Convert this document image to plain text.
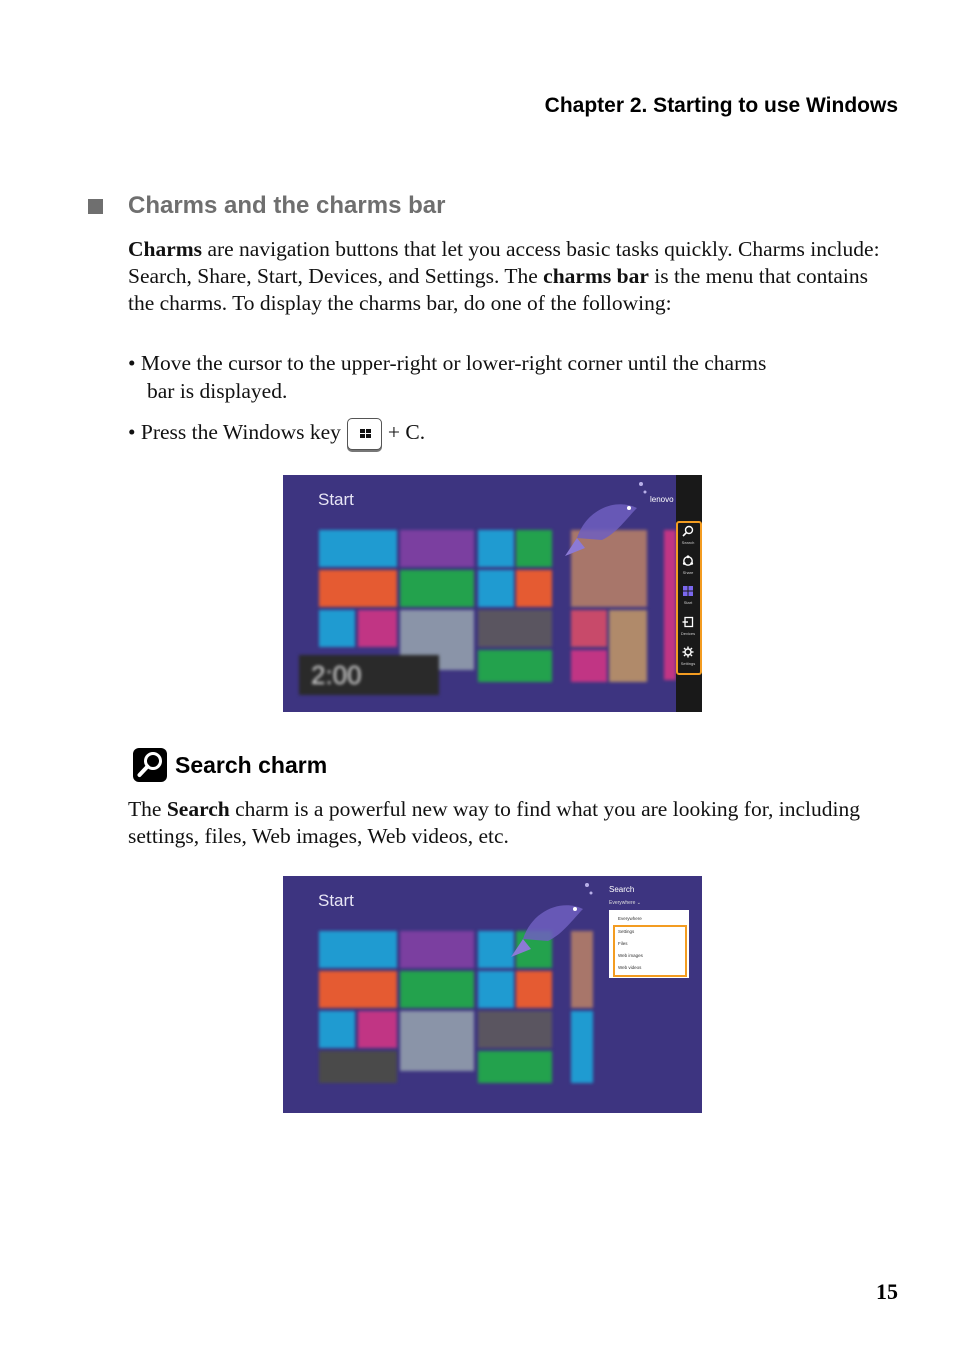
Chapter 2. Starting to use Windows
Charms and the charms bar
Charms are navigation buttons that let you access basic tasks quickly. Charms include: Search, Share, Start, Devices, and Settings. The charms bar is the menu that contains the charms. To display the charms bar, do one of the following:
• Move the cursor to the upper-right or lower-right corner until the charms
bar is displayed.
• Press the Windows key + C.
Start
2:00
lenovo
Search
Share
Start
Devices
Settings
Search charm
The Search charm is a powerful new way to find what you are looking for, including settings, files, Web images, Web videos, etc.
Start
Search
Everywhere ⌄
Everywhere
Settings
Files
Web images
Web videos
15
